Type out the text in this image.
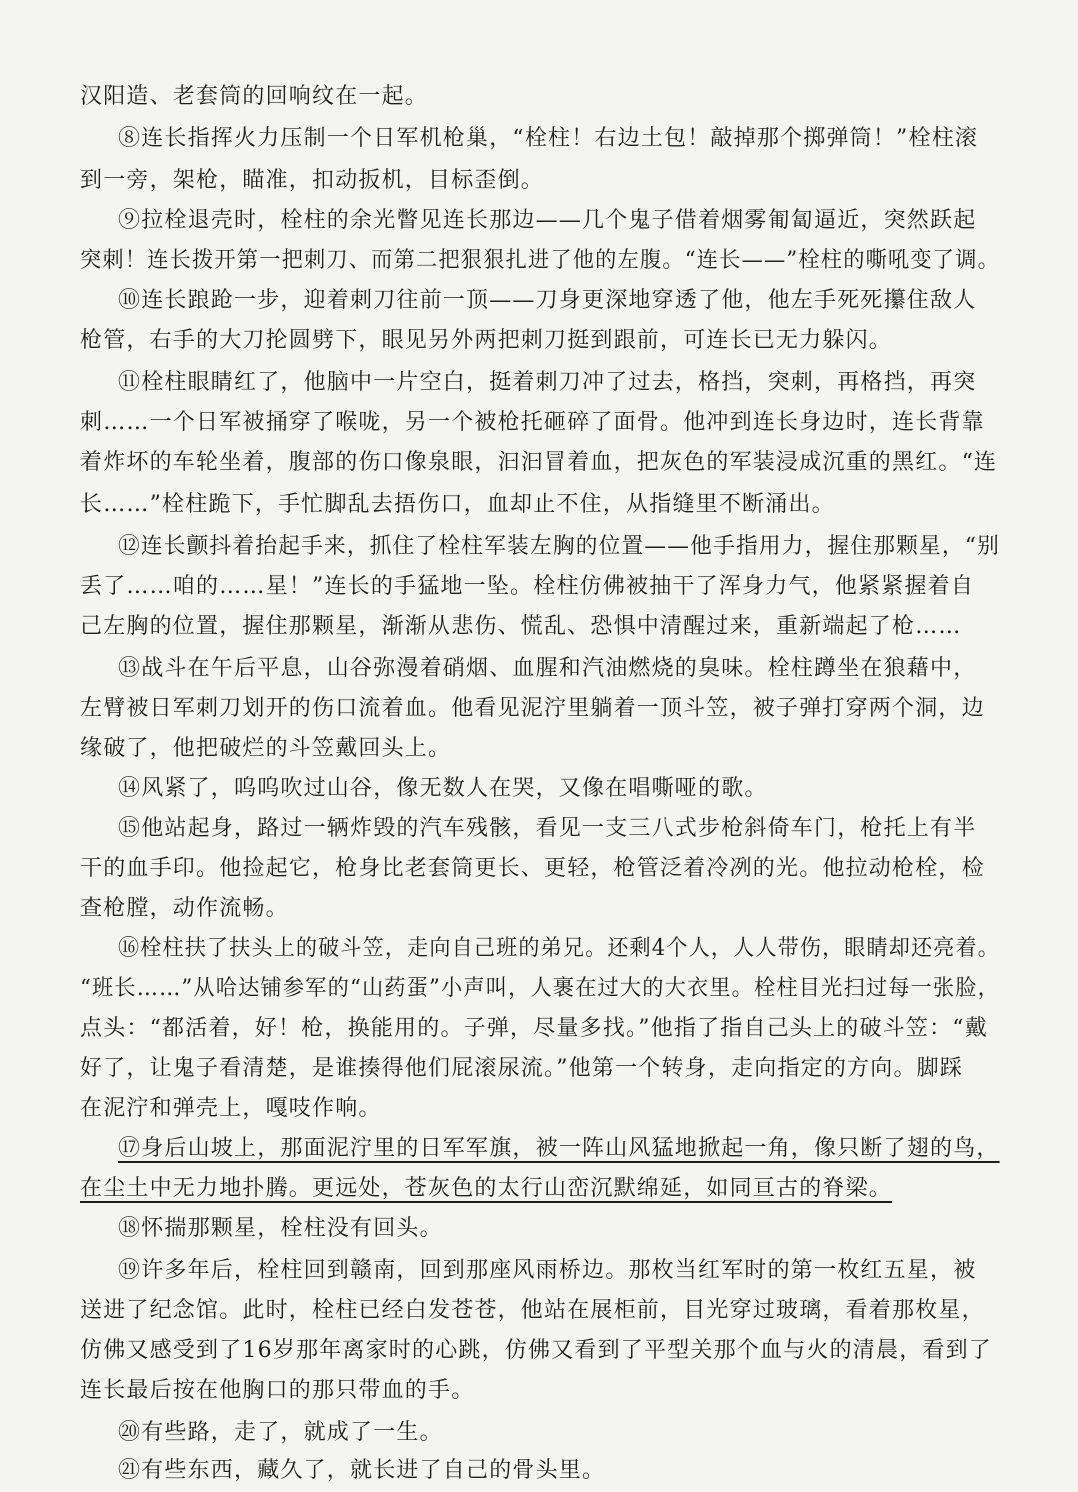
汉阳造、老套筒的回响纹在一起。
⑧连长指挥火力压制一个日军机枪巢，“栓柱！右边土包！敲掉那个掷弹筒！”栓柱滚
到一旁，架枪，瞄准，扣动扳机，目标歪倒。
⑨拉栓退壳时，栓柱的余光瞥见连长那边——几个鬼子借着烟雾匍匐逼近，突然跃起
突刺！连长拨开第一把刺刀、而第二把狠狠扎进了他的左腹。“连长——”栓柱的嘶吼变了调。
⑩连长踉跄一步，迎着刺刀往前一顶——刀身更深地穿透了他，他左手死死攥住敌人
枪管，右手的大刀抡圆劈下，眼见另外两把刺刀挺到跟前，可连长已无力躲闪。
⑪栓柱眼睛红了，他脑中一片空白，挺着刺刀冲了过去，格挡，突刺，再格挡，再突
刺……一个日军被捅穿了喉咙，另一个被枪托砸碎了面骨。他冲到连长身边时，连长背靠
着炸坏的车轮坐着，腹部的伤口像泉眼，汩汩冒着血，把灰色的军装浸成沉重的黑红。“连
长……”栓柱跪下，手忙脚乱去捂伤口，血却止不住，从指缝里不断涌出。
⑫连长颤抖着抬起手来，抓住了栓柱军装左胸的位置——他手指用力，握住那颗星，“别
丢了……咱的……星！”连长的手猛地一坠。栓柱仿佛被抽干了浑身力气，他紧紧握着自
己左胸的位置，握住那颗星，渐渐从悲伤、慌乱、恐惧中清醒过来，重新端起了枪……
⑬战斗在午后平息，山谷弥漫着硝烟、血腥和汽油燃烧的臭味。栓柱蹲坐在狼藉中，
左臂被日军刺刀划开的伤口流着血。他看见泥泞里躺着一顶斗笠，被子弹打穿两个洞，边
缘破了，他把破烂的斗笠戴回头上。
⑭风紧了，呜呜吹过山谷，像无数人在哭，又像在唱嘶哑的歌。
⑮他站起身，路过一辆炸毁的汽车残骸，看见一支三八式步枪斜倚车门，枪托上有半
干的血手印。他捡起它，枪身比老套筒更长、更轻，枪管泛着冷冽的光。他拉动枪栓，检
查枪膛，动作流畅。
⑯栓柱扶了扶头上的破斗笠，走向自己班的弟兄。还剩4个人，人人带伤，眼睛却还亮着。
“班长……”从哈达铺参军的“山药蛋”小声叫，人裹在过大的大衣里。栓柱目光扫过每一张脸，
点头：“都活着，好！枪，换能用的。子弹，尽量多找。”他指了指自己头上的破斗笠：“戴
好了，让鬼子看清楚，是谁揍得他们屁滚尿流。”他第一个转身，走向指定的方向。脚踩
在泥泞和弹壳上，嘎吱作响。
⑰身后山坡上，那面泥泞里的日军军旗，被一阵山风猛地掀起一角，像只断了翅的鸟，
在尘土中无力地扑腾。更远处，苍灰色的太行山峦沉默绵延，如同亘古的脊梁。
⑱怀揣那颗星，栓柱没有回头。
⑲许多年后，栓柱回到赣南，回到那座风雨桥边。那枚当红军时的第一枚红五星，被
送进了纪念馆。此时，栓柱已经白发苍苍，他站在展柜前，目光穿过玻璃，看着那枚星，
仿佛又感受到了16岁那年离家时的心跳，仿佛又看到了平型关那个血与火的清晨，看到了
连长最后按在他胸口的那只带血的手。
⑳有些路，走了，就成了一生。
㉑有些东西，藏久了，就长进了自己的骨头里。
